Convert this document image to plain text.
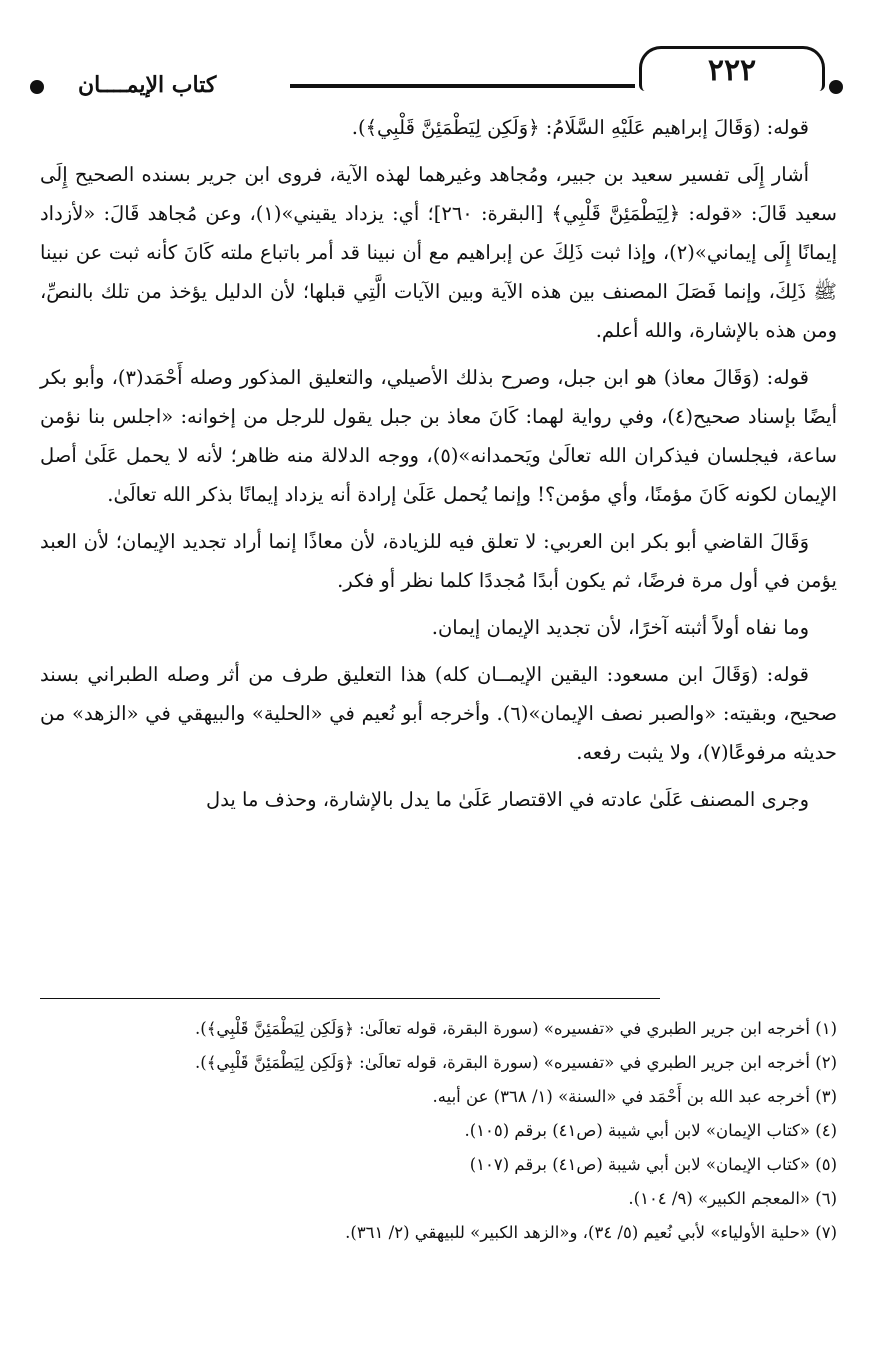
كتاب الإيمــــان	٢٢٢

قوله: (وَقَالَ إبراهيم عَلَيْهِ السَّلَامُ: ﴿وَلَكِن لِيَطْمَئِنَّ قَلْبِي﴾).

أشار إِلَى تفسير سعيد بن جبير، ومُجاهد وغيرهما لهذه الآية، فروى ابن جرير بسنده الصحيح إِلَى سعيد قَالَ: «قوله: ﴿لِيَطْمَئِنَّ قَلْبِي﴾ [البقرة: ٢٦٠]؛ أي: يزداد يقيني»(١)، وعن مُجاهد قَالَ: «لأزداد إيمانًا إِلَى إيماني»(٢)، وإذا ثبت ذَلِكَ عن إبراهيم مع أن نبينا قد أمر باتباع ملته كَانَ كأنه ثبت عن نبينا ﷺ ذَلِكَ، وإنما فَصَلَ المصنف بين هذه الآية وبين الآيات الَّتِي قبلها؛ لأن الدليل يؤخذ من تلك بالنصِّ، ومن هذه بالإشارة، والله أعلم.

قوله: (وَقَالَ معاذ) هو ابن جبل، وصرح بذلك الأصيلي، والتعليق المذكور وصله أَحْمَد(٣)، وأبو بكر أيضًا بإسناد صحيح(٤)، وفي رواية لهما: كَانَ معاذ بن جبل يقول للرجل من إخوانه: «اجلس بنا نؤمن ساعة، فيجلسان فيذكران الله تعالَىٰ ويَحمدانه»(٥)، ووجه الدلالة منه ظاهر؛ لأنه لا يحمل عَلَىٰ أصل الإيمان لكونه كَانَ مؤمنًا، وأي مؤمن؟! وإنما يُحمل عَلَىٰ إرادة أنه يزداد إيمانًا بذكر الله تعالَىٰ.

وَقَالَ القاضي أبو بكر ابن العربي: لا تعلق فيه للزيادة، لأن معاذًا إنما أراد تجديد الإيمان؛ لأن العبد يؤمن في أول مرة فرضًا، ثم يكون أبدًا مُجددًا كلما نظر أو فكر.

وما نفاه أولاً أثبته آخرًا، لأن تجديد الإيمان إيمان.

قوله: (وَقَالَ ابن مسعود: اليقين الإيمــان كله) هذا التعليق طرف من أثر وصله الطبراني بسند صحيح، وبقيته: «والصبر نصف الإيمان»(٦). وأخرجه أبو نُعيم في «الحلية» والبيهقي في «الزهد» من حديثه مرفوعًا(٧)، ولا يثبت رفعه.

وجرى المصنف عَلَىٰ عادته في الاقتصار عَلَىٰ ما يدل بالإشارة، وحذف ما يدل

(١) أخرجه ابن جرير الطبري في «تفسيره» (سورة البقرة، قوله تعالَىٰ: ﴿وَلَكِن لِيَطْمَئِنَّ قَلْبِي﴾).
(٢) أخرجه ابن جرير الطبري في «تفسيره» (سورة البقرة، قوله تعالَىٰ: ﴿وَلَكِن لِيَطْمَئِنَّ قَلْبِي﴾).
(٣) أخرجه عبد الله بن أَحْمَد في «السنة» (١/ ٣٦٨) عن أبيه.
(٤) «كتاب الإيمان» لابن أبي شيبة (ص٤١) برقم (١٠٥).
(٥) «كتاب الإيمان» لابن أبي شيبة (ص٤١) برقم (١٠٧)
(٦) «المعجم الكبير» (٩/ ١٠٤).
(٧) «حلية الأولياء» لأبي نُعيم (٥/ ٣٤)، و«الزهد الكبير» للبيهقي (٢/ ٣٦١).
